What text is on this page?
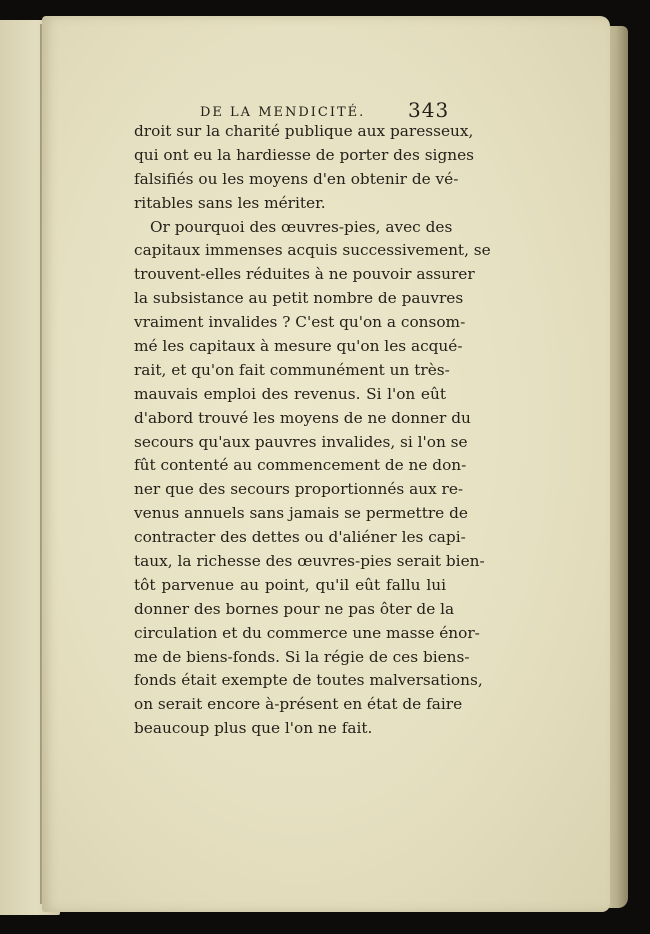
DE LA MENDICITÉ. 343
droit sur la charité publique aux paresseux,
qui ont eu la hardiesse de porter des signes
falsifiés ou les moyens d'en obtenir de vé-
ritables sans les mériter.
Or pourquoi des œuvres-pies, avec des
capitaux immenses acquis successivement, se
trouvent-elles réduites à ne pouvoir assurer
la subsistance au petit nombre de pauvres
vraiment invalides ? C'est qu'on a consom-
mé les capitaux à mesure qu'on les acqué-
rait, et qu'on fait communément un très-
mauvais emploi des revenus. Si l'on eût
d'abord trouvé les moyens de ne donner du
secours qu'aux pauvres invalides, si l'on se
fût contenté au commencement de ne don-
ner que des secours proportionnés aux re-
venus annuels sans jamais se permettre de
contracter des dettes ou d'aliéner les capi-
taux, la richesse des œuvres-pies serait bien-
tôt parvenue au point, qu'il eût fallu lui
donner des bornes pour ne pas ôter de la
circulation et du commerce une masse énor-
me de biens-fonds. Si la régie de ces biens-
fonds était exempte de toutes malversations,
on serait encore à-présent en état de faire
beaucoup plus que l'on ne fait.
